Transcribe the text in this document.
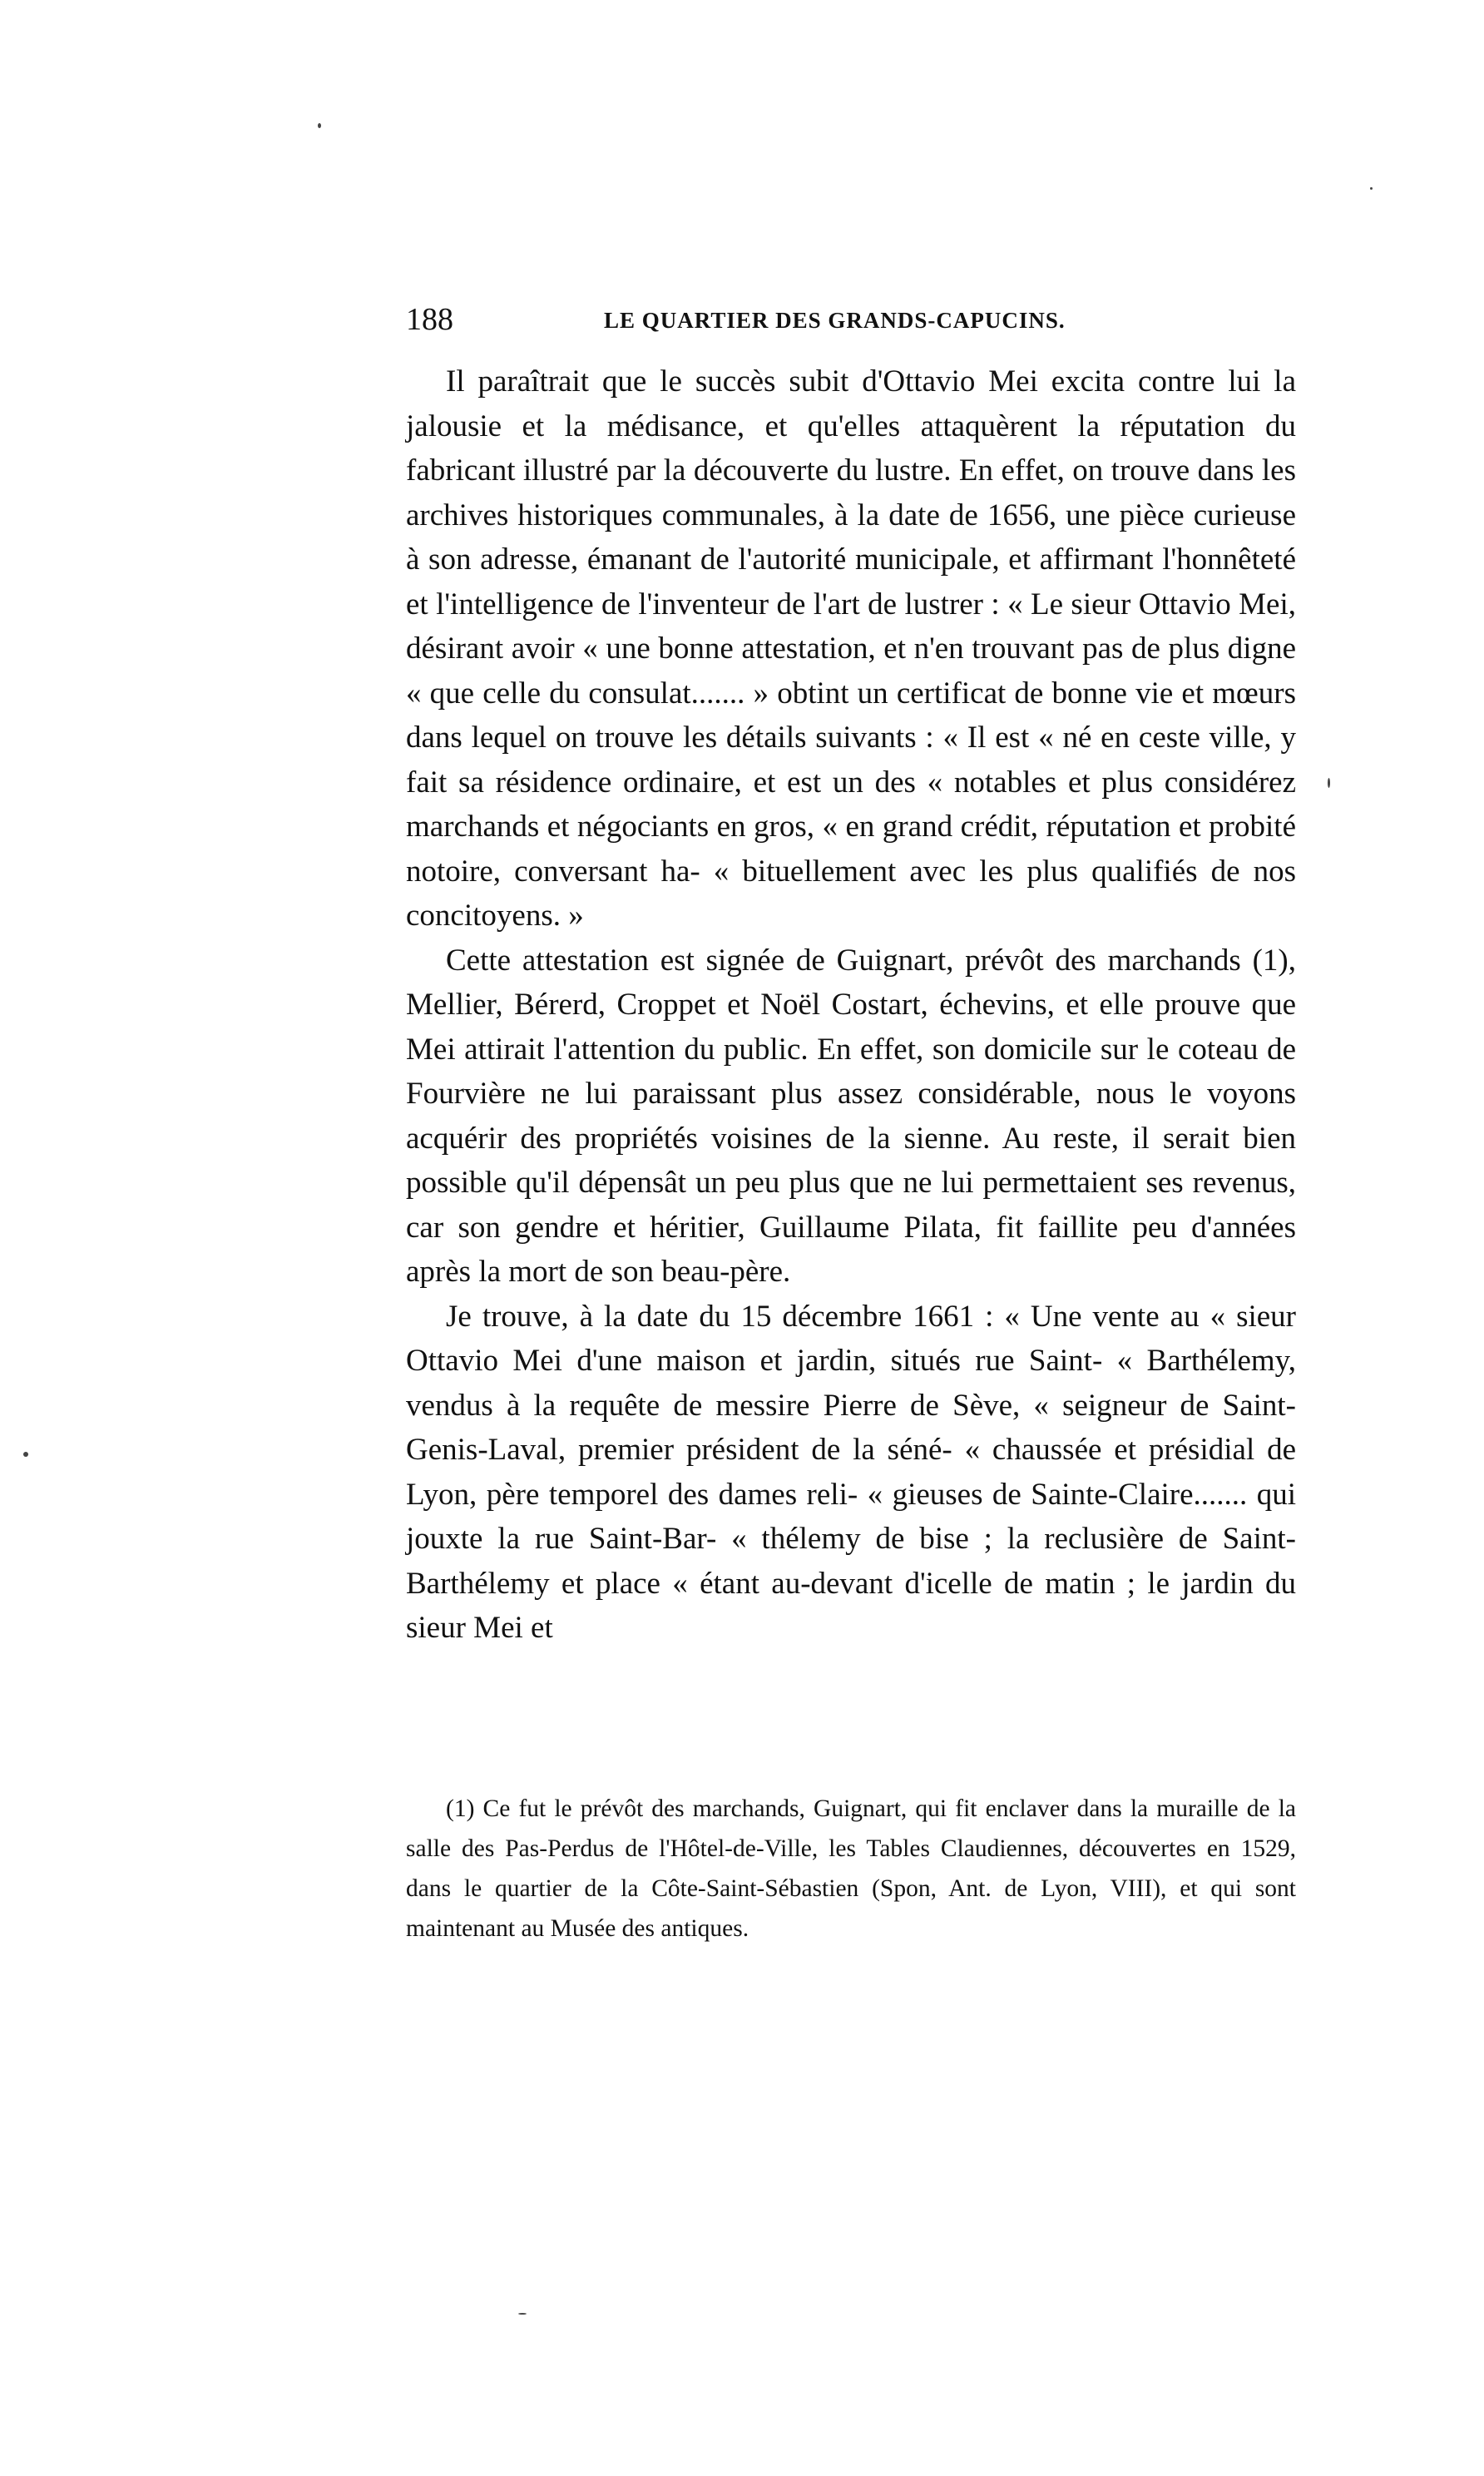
188	LE QUARTIER DES GRANDS-CAPUCINS.

Il paraîtrait que le succès subit d'Ottavio Mei excita contre lui la jalousie et la médisance, et qu'elles attaquèrent la réputation du fabricant illustré par la découverte du lustre. En effet, on trouve dans les archives historiques communales, à la date de 1656, une pièce curieuse à son adresse, émanant de l'autorité municipale, et affirmant l'honnêteté et l'intelligence de l'inventeur de l'art de lustrer : « Le sieur Ottavio Mei, désirant avoir « une bonne attestation, et n'en trouvant pas de plus digne « que celle du consulat....... » obtint un certificat de bonne vie et mœurs dans lequel on trouve les détails suivants : « Il est « né en ceste ville, y fait sa résidence ordinaire, et est un des « notables et plus considérez marchands et négociants en gros, « en grand crédit, réputation et probité notoire, conversant ha- « bituellement avec les plus qualifiés de nos concitoyens. »

Cette attestation est signée de Guignart, prévôt des marchands (1), Mellier, Bérerd, Croppet et Noël Costart, échevins, et elle prouve que Mei attirait l'attention du public. En effet, son domicile sur le coteau de Fourvière ne lui paraissant plus assez considérable, nous le voyons acquérir des propriétés voisines de la sienne. Au reste, il serait bien possible qu'il dépensât un peu plus que ne lui permettaient ses revenus, car son gendre et héritier, Guillaume Pilata, fit faillite peu d'années après la mort de son beau-père.

Je trouve, à la date du 15 décembre 1661 : « Une vente au « sieur Ottavio Mei d'une maison et jardin, situés rue Saint- « Barthélemy, vendus à la requête de messire Pierre de Sève, « seigneur de Saint-Genis-Laval, premier président de la séné- « chaussée et présidial de Lyon, père temporel des dames reli- « gieuses de Sainte-Claire....... qui jouxte la rue Saint-Bar- « thélemy de bise ; la reclusière de Saint-Barthélemy et place « étant au-devant d'icelle de matin ; le jardin du sieur Mei et

(1) Ce fut le prévôt des marchands, Guignart, qui fit enclaver dans la muraille de la salle des Pas-Perdus de l'Hôtel-de-Ville, les Tables Claudiennes, découvertes en 1529, dans le quartier de la Côte-Saint-Sébastien (Spon, Ant. de Lyon, VIII), et qui sont maintenant au Musée des antiques.
